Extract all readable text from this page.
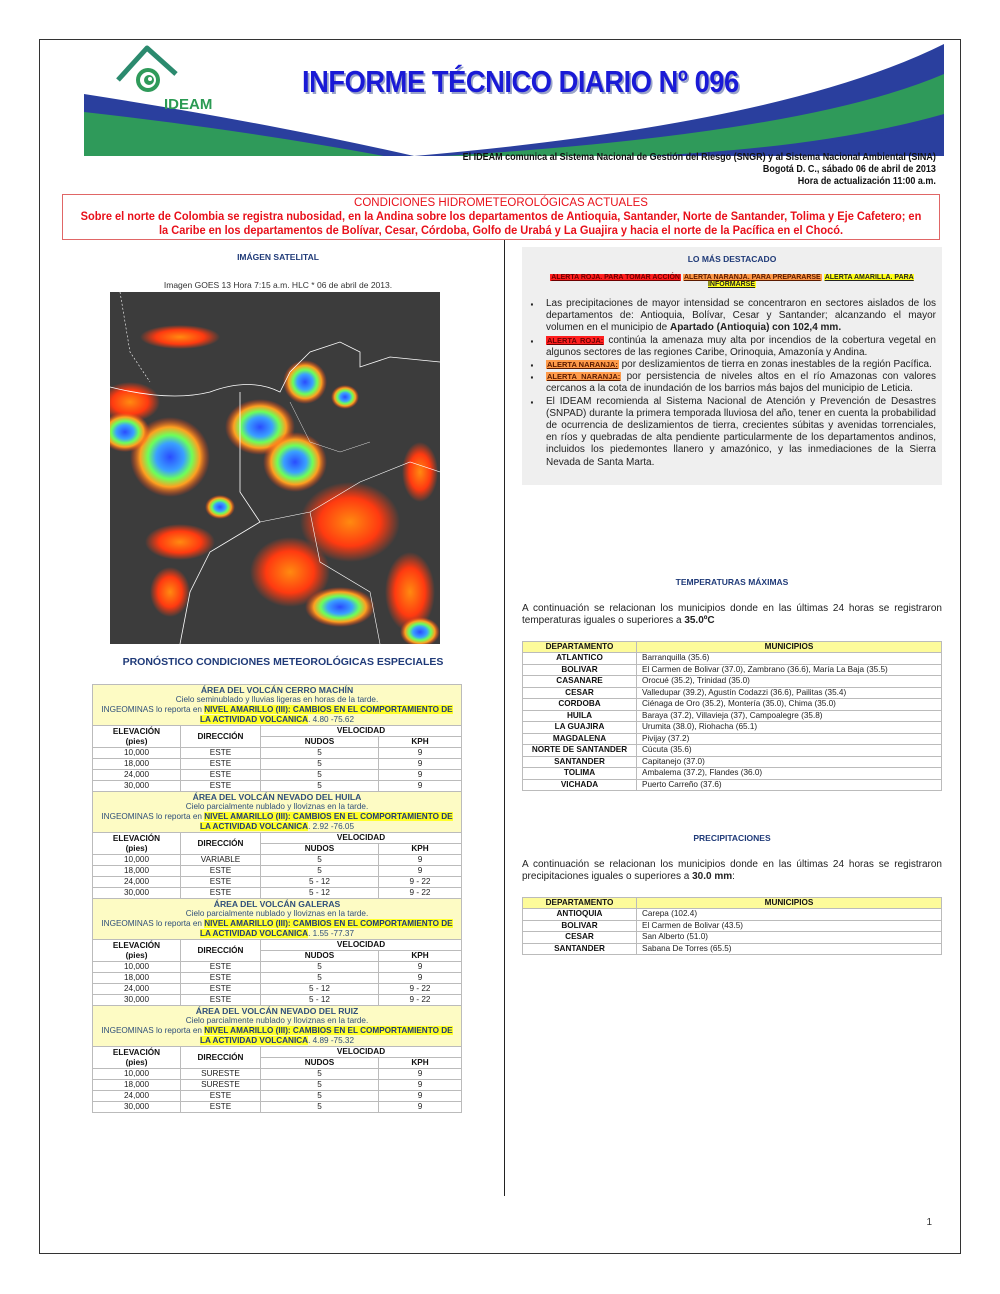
IDEAM
INFORME TÉCNICO DIARIO Nº 096
El IDEAM comunica al Sistema Nacional de Gestión del Riesgo (SNGR) y al Sistema Nacional Ambiental (SINA)
Bogotá D. C., sábado 06 de abril de 2013
Hora de actualización 11:00 a.m.
CONDICIONES HIDROMETEOROLÓGICAS ACTUALES

Sobre el norte de Colombia se registra nubosidad, en la Andina sobre los departamentos de Antioquia, Santander, Norte de Santander, Tolima y Eje Cafetero; en la Caribe en los departamentos de Bolívar, Cesar, Córdoba, Golfo de Urabá y La Guajira y hacia el norte de la Pacífica en el Chocó.

IMÁGEN SATELITAL
Imagen GOES 13 Hora 7:15 a.m. HLC * 06 de abril de 2013.
PRONÓSTICO CONDICIONES METEOROLÓGICAS ESPECIALES
ÁREA DEL VOLCÁN CERRO MACHÍN
Cielo seminublado y lluvias ligeras en horas de la tarde.
INGEOMINAS lo reporta en NIVEL AMARILLO (III): CAMBIOS EN EL COMPORTAMIENTO DE LA ACTIVIDAD VOLCANICA. 4.80 -75.62			

ELEVACIÓN
(pies)	DIRECCIÓN	VELOCIDAD	
		NUDOS	KPH
10,000	ESTE	5	9
18,000	ESTE	5	9
24,000	ESTE	5	9
30,000	ESTE	5	9

ÁREA DEL VOLCÁN NEVADO DEL HUILA
Cielo parcialmente nublado y lloviznas en la tarde.
INGEOMINAS lo reporta en NIVEL AMARILLO (III): CAMBIOS EN EL COMPORTAMIENTO DE LA ACTIVIDAD VOLCANICA. 2.92 -76.05			

ELEVACIÓN
(pies)	DIRECCIÓN	VELOCIDAD	
		NUDOS	KPH
10,000	VARIABLE	5	9
18,000	ESTE	5	9
24,000	ESTE	5 - 12	9 - 22
30,000	ESTE	5 - 12	9 - 22

ÁREA DEL VOLCÁN GALERAS
Cielo parcialmente nublado y lloviznas en la tarde.
INGEOMINAS lo reporta en NIVEL AMARILLO (III): CAMBIOS EN EL COMPORTAMIENTO DE LA ACTIVIDAD VOLCANICA. 1.55 -77.37			

ELEVACIÓN
(pies)	DIRECCIÓN	VELOCIDAD	
		NUDOS	KPH
10,000	ESTE	5	9
18,000	ESTE	5	9
24,000	ESTE	5 - 12	9 - 22
30,000	ESTE	5 - 12	9 - 22

ÁREA DEL VOLCÁN NEVADO DEL RUIZ
Cielo parcialmente nublado y lloviznas en la tarde.
INGEOMINAS lo reporta en NIVEL AMARILLO (III): CAMBIOS EN EL COMPORTAMIENTO DE LA ACTIVIDAD VOLCANICA. 4.89 -75.32			

ELEVACIÓN
(pies)	DIRECCIÓN	VELOCIDAD	
		NUDOS	KPH
10,000	SURESTE	5	9
18,000	SURESTE	5	9
24,000	ESTE	5	9
30,000	ESTE	5	9
LO MÁS DESTACADO
ALERTA ROJA. PARA TOMAR ACCIÓN ALERTA NARANJA. PARA PREPARARSE ALERTA AMARILLA. PARA INFORMARSE
· Las precipitaciones de mayor intensidad se concentraron en sectores aislados de los departamentos de: Antioquia, Bolívar, Cesar y Santander; alcanzando el mayor volumen en el municipio de Apartado (Antioquia) con 102,4 mm.
· ALERTA ROJA: continúa la amenaza muy alta por incendios de la cobertura vegetal en algunos sectores de las regiones Caribe, Orinoquia, Amazonía y Andina.
· ALERTA NARANJA: por deslizamientos de tierra en zonas inestables de la región Pacífica.
· ALERTA NARANJA: por persistencia de niveles altos en el río Amazonas con valores cercanos a la cota de inundación de los barrios más bajos del municipio de Leticia.
· El IDEAM recomienda al Sistema Nacional de Atención y Prevención de Desastres (SNPAD) durante la primera temporada lluviosa del año, tener en cuenta la probabilidad de ocurrencia de deslizamientos de tierra, crecientes súbitas y avenidas torrenciales, en ríos y quebradas de alta pendiente particularmente de los departamentos andinos, incluidos los piedemontes llanero y amazónico, y las inmediaciones de la Sierra Nevada de Santa Marta.
TEMPERATURAS MÁXIMAS

A continuación se relacionan los municipios donde en las últimas 24 horas se registraron temperaturas iguales o superiores a 35.0ºC

DEPARTAMENTO	MUNICIPIOS
ATLANTICO	Barranquilla (35.6)
BOLIVAR	El Carmen de Bolivar (37.0), Zambrano (36.6), María La Baja (35.5)
CASANARE	Orocué (35.2), Trinidad (35.0)
CESAR	Valledupar (39.2), Agustín Codazzi (36.6), Pailitas (35.4)
CORDOBA	Ciénaga de Oro (35.2), Montería (35.0), Chima (35.0)
HUILA	Baraya (37.2), Villavieja (37), Campoalegre (35.8)
LA GUAJIRA	Urumita (38.0), Riohacha (65.1)
MAGDALENA	Pivijay (37.2)
NORTE DE SANTANDER	Cúcuta (35.6)
SANTANDER	Capitanejo (37.0)
TOLIMA	Ambalema (37.2), Flandes (36.0)
VICHADA	Puerto Carreño (37.6)
PRECIPITACIONES

A continuación se relacionan los municipios donde en las últimas 24 horas se registraron precipitaciones iguales o superiores a 30.0 mm:

DEPARTAMENTO	MUNICIPIOS
ANTIOQUIA	Carepa (102.4)
BOLIVAR	El Carmen de Bolivar (43.5)
CESAR	San Alberto (51.0)
SANTANDER	Sabana De Torres (65.5)
1
